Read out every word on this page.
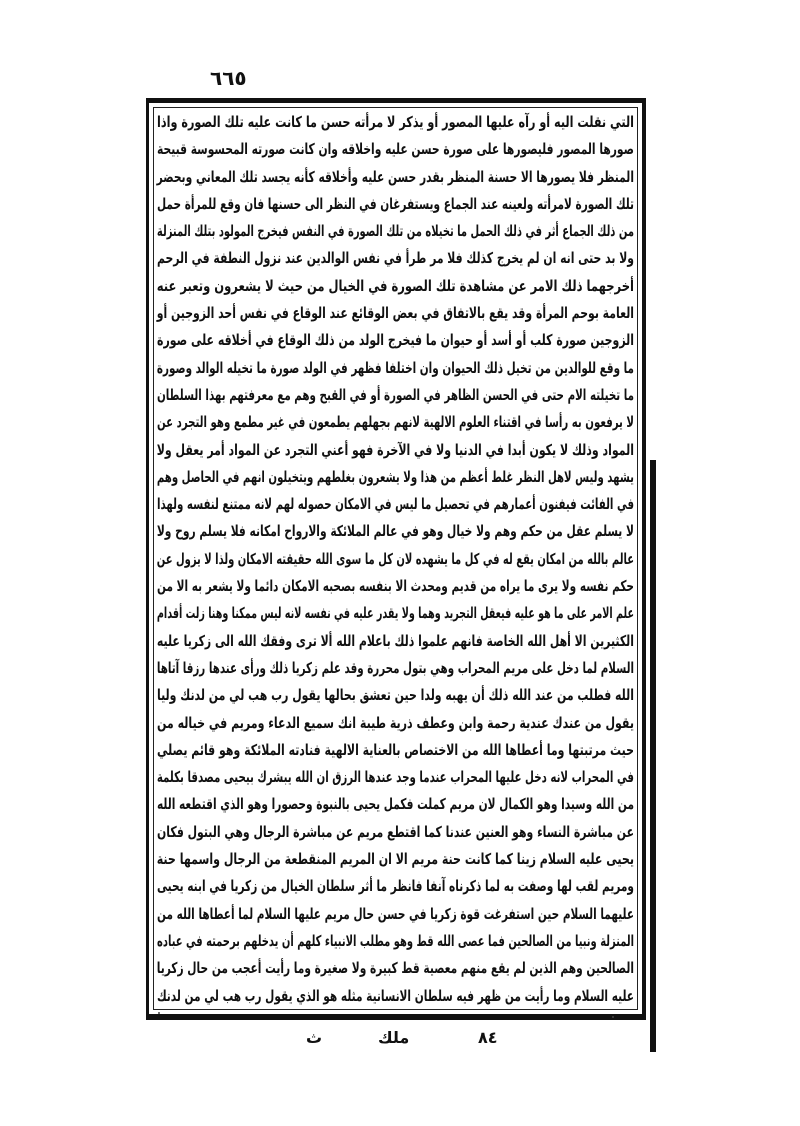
٦٦٥
التي نقلت اليه أو رآه عليها المصور أو يذكر لا مرأته حسن ما كانت عليه تلك الصورة واذا
صورها المصور فليصورها على صورة حسن عليه واخلاقه وان كانت صورته المحسوسة قبيحة
المنظر فلا يصورها الا حسنة المنظر بقدر حسن عليه وأخلاقه كأنه يجسد تلك المعاني وبحضر
تلك الصورة لامرأته ولعينه عند الجماع ويستفرغان في النظر الى حسنها فان وقع للمرأة حمل
من ذلك الجماع أثر في ذلك الحمل ما تخيلاه من تلك الصورة في النفس فيخرج المولود بتلك المنزلة
ولا بد حتى انه ان لم يخرج كذلك فلا مر طرأ في نفس الوالدين عند نزول النطفة في الرحم
أخرجهما ذلك الامر عن مشاهدة تلك الصورة في الخيال من حيث لا يشعرون وتعبر عنه
العامة بوحم المرأة وقد يقع بالاتفاق في بعض الوقائع عند الوقاع في نفس أحد الزوجين أو
الزوجين صورة كلب أو أسد أو حيوان ما فيخرج الولد من ذلك الوقاع في أخلاقه على صورة
ما وقع للوالدين من تخيل ذلك الحيوان وان اختلفا فظهر في الولد صورة ما تخيله الوالد وصورة
ما تخيلته الام حتى في الحسن الظاهر في الصورة أو في القبح وهم مع معرفتهم بهذا السلطان
لا يرفعون به رأسا في اقتناء العلوم الالهية لانهم بجهلهم يطمعون في غير مطمع وهو التجرد عن
المواد وذلك لا يكون أبدا في الدنيا ولا في الآخرة فهو أعني التجرد عن المواد أمر يعقل ولا
يشهد وليس لاهل النظر غلط أعظم من هذا ولا يشعرون بغلطهم ويتخيلون انهم في الحاصل وهم
في الفائت فيفنون أعمارهم في تحصيل ما ليس في الامكان حصوله لهم لانه ممتنع لنفسه ولهذا
لا يسلم عقل من حكم وهم ولا خيال وهو في عالم الملائكة والارواح امكانه فلا يسلم روح ولا
عالم بالله من امكان يقع له في كل ما يشهده لان كل ما سوى الله حقيقته الامكان ولذا لا يزول عن
حكم نفسه ولا يرى ما يراه من قديم ومحدث الا بنفسه بصحبه الامكان دائما ولا يشعر به الا من
علم الامر على ما هو عليه فيعقل التجريد وهما ولا يقدر عليه في نفسه لانه ليس ممكنا وهنا زلت أقدام
الكثيرين الا أهل الله الخاصة فانهم علموا ذلك باعلام الله ألا ترى وفقك الله الى زكريا عليه
السلام لما دخل على مريم المحراب وهي بتول محررة وقد علم زكريا ذلك ورأى عندها رزقا آتاها
الله فطلب من عند الله ذلك أن يهبه ولدا حين تعشق بحالها يقول رب هب لي من لدنك وليا
يقول من عندك عندية رحمة وابن وعطف ذرية طيبة انك سميع الدعاء ومريم في خياله من
حيث مرتبتها وما أعطاها الله من الاختصاص بالعناية الالهية فنادته الملائكة وهو قائم يصلي
في المحراب لانه دخل عليها المحراب عندما وجد عندها الرزق ان الله يبشرك بيحيى مصدقا بكلمة
من الله وسيدا وهو الكمال لان مريم كملت فكمل يحيى بالنبوة وحصورا وهو الذي اقتطعه الله
عن مباشرة النساء وهو العنين عندنا كما اقتطع مريم عن مباشرة الرجال وهي البتول فكان
يحيى عليه السلام زينا كما كانت حنة مريم الا ان المريم المنقطعة من الرجال واسمها حنة
ومريم لقب لها وصفت به لما ذكرناه آنفا فانظر ما أثر سلطان الخيال من زكريا في ابنه يحيى
عليهما السلام حين استفرغت قوة زكريا في حسن حال مريم عليها السلام لما أعطاها الله من
المنزلة ونبيا من الصالحين فما عصى الله قط وهو مطلب الانبياء كلهم أن يدخلهم برحمته في عباده
الصالحين وهم الذين لم يقع منهم معصية قط كبيرة ولا صغيرة وما رأيت أعجب من حال زكريا
عليه السلام وما رأيت من ظهر فيه سلطان الانسانية مثله هو الذي يقول رب هب لي من لدنك
ث	ملك	٨٤
